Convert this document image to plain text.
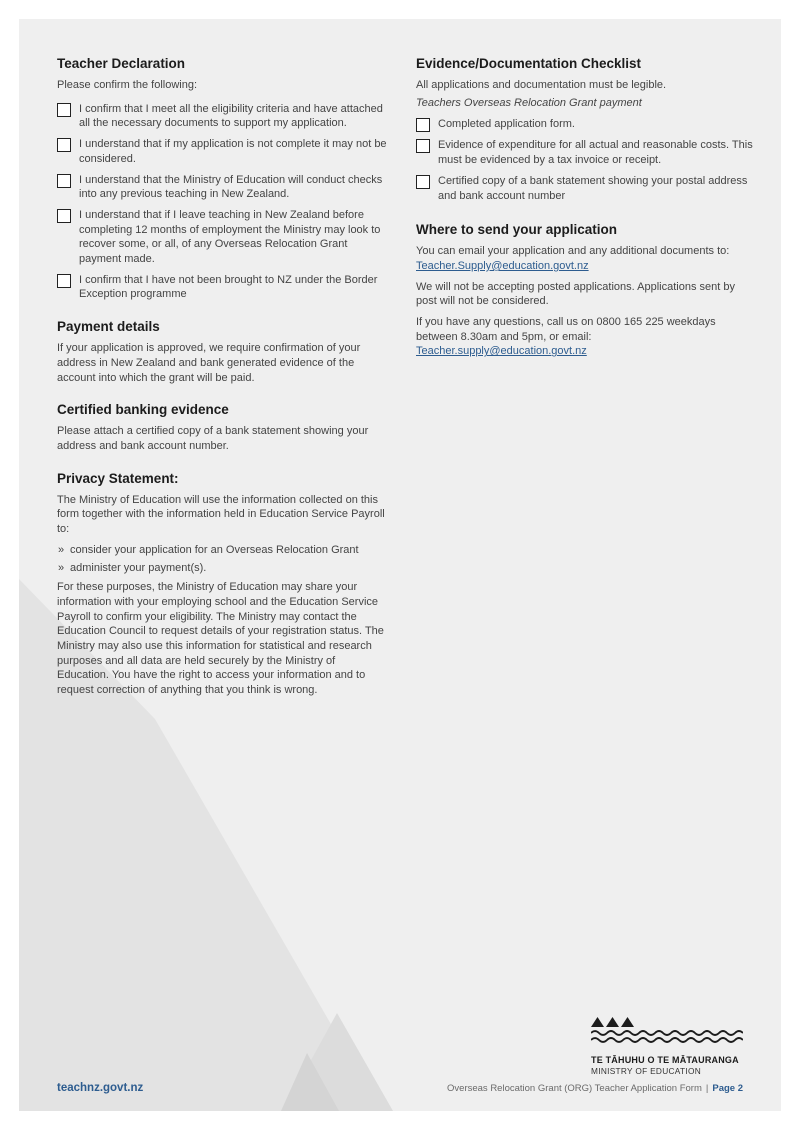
Teacher Declaration

Please confirm the following:

I confirm that I meet all the eligibility criteria and have attached all the necessary documents to support my application.
I understand that if my application is not complete it may not be considered.
I understand that the Ministry of Education will conduct checks into any previous teaching in New Zealand.
I understand that if I leave teaching in New Zealand before completing 12 months of employment the Ministry may look to recover some, or all, of any Overseas Relocation Grant payment made.
I confirm that I have not been brought to NZ under the Border Exception programme
Payment details

If your application is approved, we require confirmation of your address in New Zealand and bank generated evidence of the account into which the grant will be paid.

Certified banking evidence

Please attach a certified copy of a bank statement showing your address and bank account number.

Privacy Statement:

The Ministry of Education will use the information collected on this form together with the information held in Education Service Payroll to:

» consider your application for an Overseas Relocation Grant
» administer your payment(s).

For these purposes, the Ministry of Education may share your information with your employing school and the Education Service Payroll to confirm your eligibility. The Ministry may contact the Education Council to request details of your registration status. The Ministry may also use this information for statistical and research purposes and all data are held securely by the Ministry of Education. You have the right to access your information and to request correction of anything that you think is wrong.

Evidence/Documentation Checklist

All applications and documentation must be legible.

Teachers Overseas Relocation Grant payment

Completed application form.
Evidence of expenditure for all actual and reasonable costs. This must be evidenced by a tax invoice or receipt.
Certified copy of a bank statement showing your postal address and bank account number
Where to send your application

You can email your application and any additional documents to: Teacher.Supply@education.govt.nz

We will not be accepting posted applications. Applications sent by post will not be considered.

If you have any questions, call us on 0800 165 225 weekdays between 8.30am and 5pm, or email:
Teacher.supply@education.govt.nz

TE TĀHUHU O TE MĀTAURANGA
MINISTRY OF EDUCATION
teachnz.govt.nz	Overseas Relocation Grant (ORG) Teacher Application Form | Page 2
